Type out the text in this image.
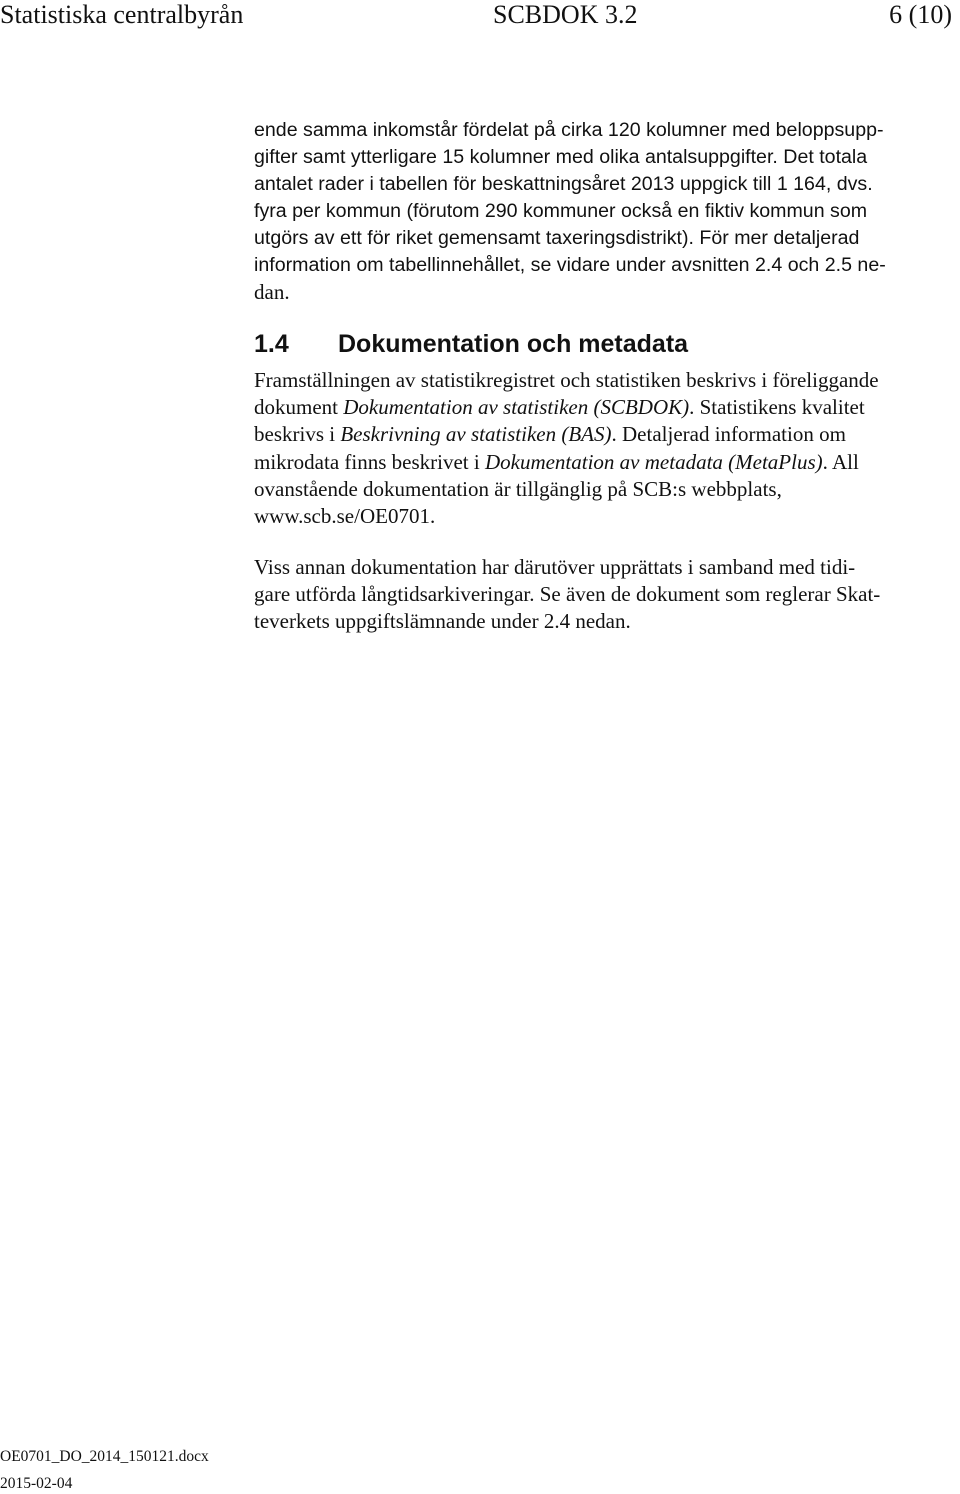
Statistiska centralbyrån	SCBDOK 3.2	6 (10)

ende samma inkomstår fördelat på cirka 120 kolumner med beloppsupp-
gifter samt ytterligare 15 kolumner med olika antalsuppgifter. Det totala
antalet rader i tabellen för beskattningsåret 2013 uppgick till 1 164, dvs.
fyra per kommun (förutom 290 kommuner också en fiktiv kommun som
utgörs av ett för riket gemensamt taxeringsdistrikt). För mer detaljerad
information om tabellinnehållet, se vidare under avsnitten 2.4 och 2.5 ne-
dan.

1.4 Dokumentation och metadata

Framställningen av statistikregistret och statistiken beskrivs i föreliggande
dokument Dokumentation av statistiken (SCBDOK). Statistikens kvalitet
beskrivs i Beskrivning av statistiken (BAS). Detaljerad information om
mikrodata finns beskrivet i Dokumentation av metadata (MetaPlus). All
ovanstående dokumentation är tillgänglig på SCB:s webbplats,
www.scb.se/OE0701.

Viss annan dokumentation har därutöver upprättats i samband med tidi-
gare utförda långtidsarkiveringar. Se även de dokument som reglerar Skat-
teverkets uppgiftslämnande under 2.4 nedan.

OE0701_DO_2014_150121.docx
2015-02-04
